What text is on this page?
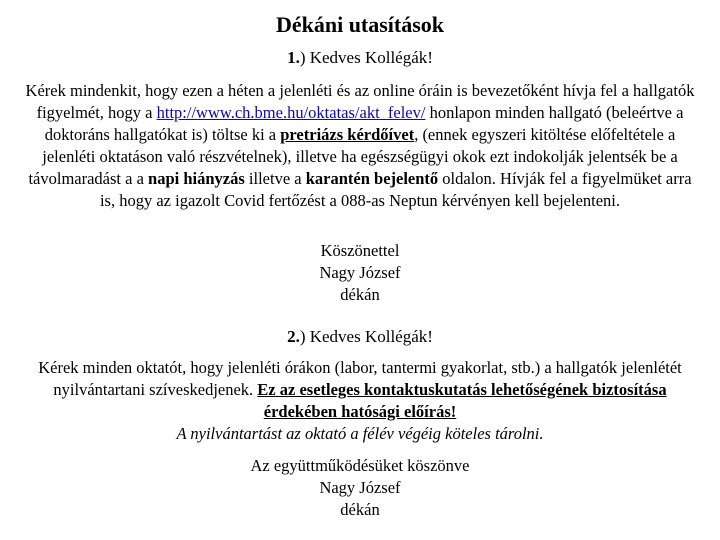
Dékáni utasítások
1.) Kedves Kollégák!
Kérek mindenkit, hogy ezen a héten a jelenléti és az online óráin is bevezetőként hívja fel a hallgatók figyelmét, hogy a http://www.ch.bme.hu/oktatas/akt_felev/ honlapon minden hallgató (beleértve a doktoráns hallgatókat is) töltse ki a pretriázs kérdőívet, (ennek egyszeri kitöltése előfeltétele a jelenléti oktatáson való részvételnek), illetve ha egészségügyi okok ezt indokolják jelentsék be a távolmaradást a a napi hiányzás illetve a karantén bejelentő oldalon. Hívják fel a figyelmüket arra is, hogy az igazolt Covid fertőzést a 088-as Neptun kérvényen kell bejelenteni.
Köszönettel
Nagy József
dékán
2.) Kedves Kollégák!
Kérek minden oktatót, hogy jelenléti órákon (labor, tantermi gyakorlat, stb.) a hallgatók jelenlétét nyilvántartani szíveskedjenek. Ez az esetleges kontaktuskutatás lehetőségének biztosítása érdekében hatósági előírás!
A nyilvántartást az oktató a félév végéig köteles tárolni.
Az együttműködésüket köszönve
Nagy József
dékán
